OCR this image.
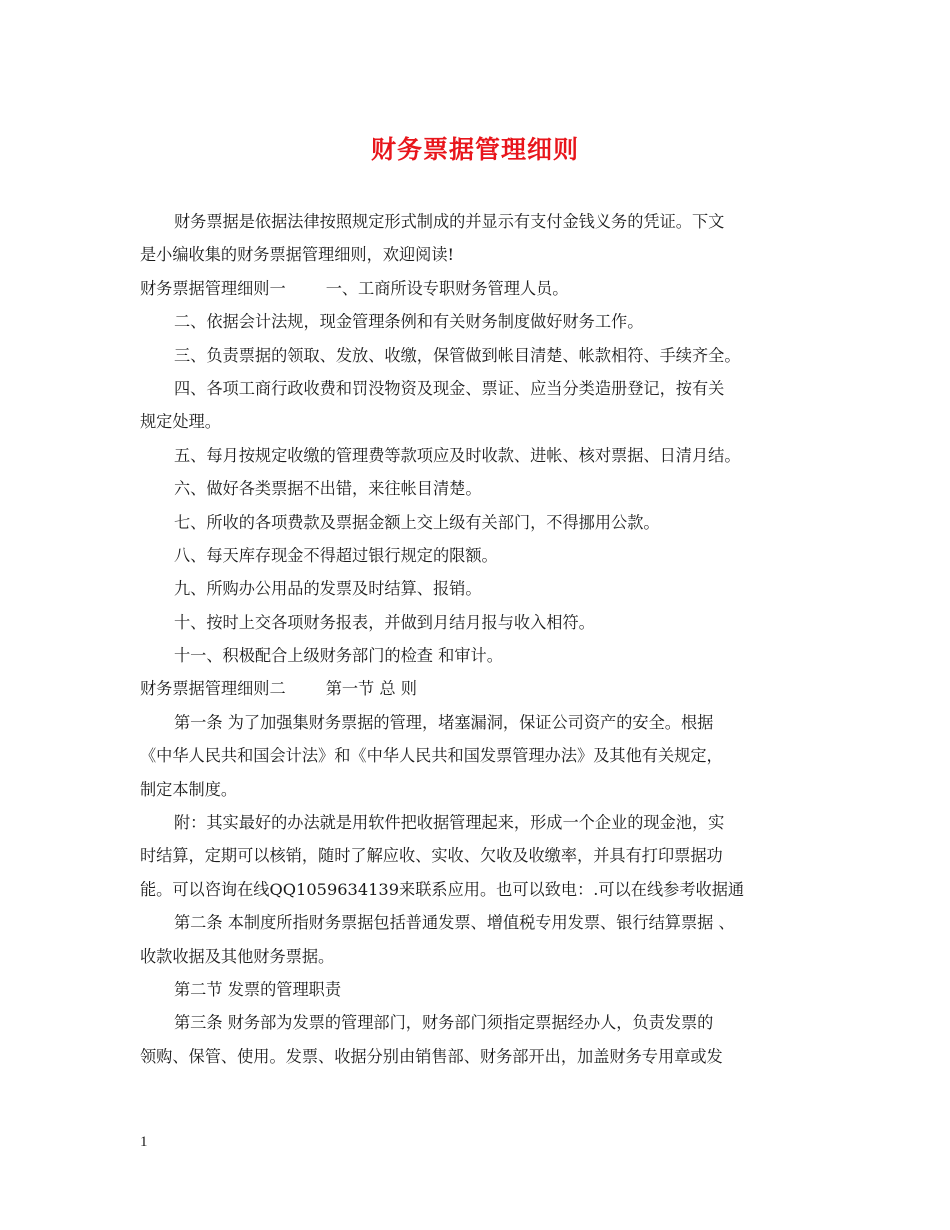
财务票据管理细则
财务票据是依据法律按照规定形式制成的并显示有支付金钱义务的凭证。下文
是小编收集的财务票据管理细则，欢迎阅读!
财务票据管理细则一 一、工商所设专职财务管理人员。
二、依据会计法规，现金管理条例和有关财务制度做好财务工作。
三、负责票据的领取、发放、收缴，保管做到帐目清楚、帐款相符、手续齐全。
四、各项工商行政收费和罚没物资及现金、票证、应当分类造册登记，按有关
规定处理。
五、每月按规定收缴的管理费等款项应及时收款、进帐、核对票据、日清月结。
六、做好各类票据不出错，来往帐目清楚。
七、所收的各项费款及票据金额上交上级有关部门，不得挪用公款。
八、每天库存现金不得超过银行规定的限额。
九、所购办公用品的发票及时结算、报销。
十、按时上交各项财务报表，并做到月结月报与收入相符。
十一、积极配合上级财务部门的检查 和审计。
财务票据管理细则二 第一节 总 则
第一条 为了加强集财务票据的管理，堵塞漏洞，保证公司资产的安全。根据
《中华人民共和国会计法》和《中华人民共和国发票管理办法》及其他有关规定，
制定本制度。
附：其实最好的办法就是用软件把收据管理起来，形成一个企业的现金池，实
时结算，定期可以核销，随时了解应收、实收、欠收及收缴率，并具有打印票据功
能。可以咨询在线QQ1059634139来联系应用。也可以致电：.可以在线参考收据通
第二条 本制度所指财务票据包括普通发票、增值税专用发票、银行结算票据 、
收款收据及其他财务票据。
第二节 发票的管理职责
第三条 财务部为发票的管理部门，财务部门须指定票据经办人，负责发票的
领购、保管、使用。发票、收据分别由销售部、财务部开出，加盖财务专用章或发
1
